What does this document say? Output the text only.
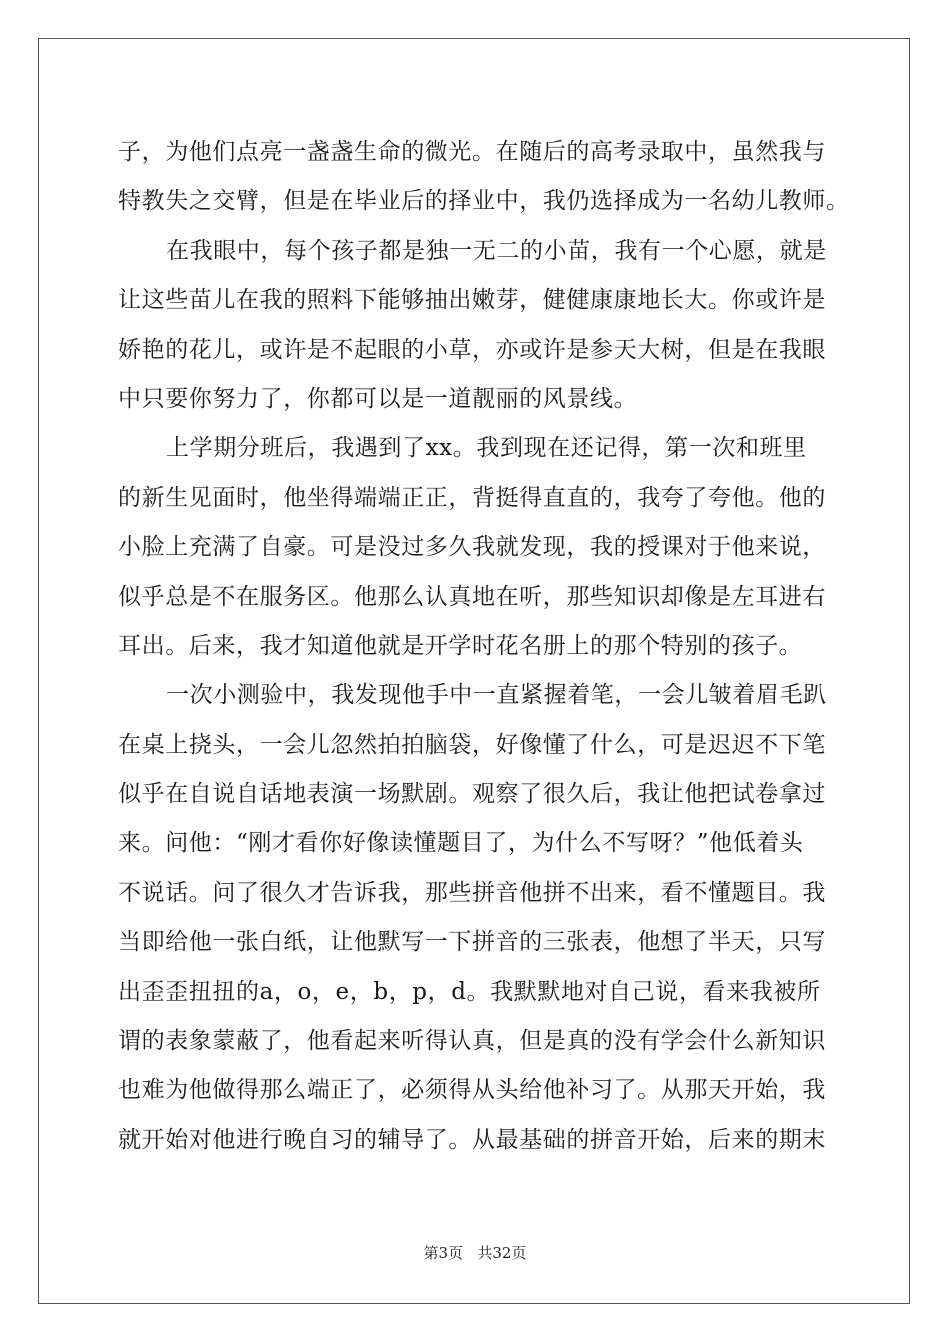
子，为他们点亮一盏盏生命的微光。在随后的高考录取中，虽然我与
特教失之交臂，但是在毕业后的择业中，我仍选择成为一名幼儿教师。
在我眼中，每个孩子都是独一无二的小苗，我有一个心愿，就是
让这些苗儿在我的照料下能够抽出嫩芽，健健康康地长大。你或许是
娇艳的花儿，或许是不起眼的小草，亦或许是参天大树，但是在我眼
中只要你努力了，你都可以是一道靓丽的风景线。
上学期分班后，我遇到了xx。我到现在还记得，第一次和班里
的新生见面时，他坐得端端正正，背挺得直直的，我夸了夸他。他的
小脸上充满了自豪。可是没过多久我就发现，我的授课对于他来说，
似乎总是不在服务区。他那么认真地在听，那些知识却像是左耳进右
耳出。后来，我才知道他就是开学时花名册上的那个特别的孩子。
一次小测验中，我发现他手中一直紧握着笔，一会儿皱着眉毛趴
在桌上挠头，一会儿忽然拍拍脑袋，好像懂了什么，可是迟迟不下笔
似乎在自说自话地表演一场默剧。观察了很久后，我让他把试卷拿过
来。问他：“刚才看你好像读懂题目了，为什么不写呀？”他低着头
不说话。问了很久才告诉我，那些拼音他拼不出来，看不懂题目。我
当即给他一张白纸，让他默写一下拼音的三张表，他想了半天，只写
出歪歪扭扭的a，o，e，b，p，d。我默默地对自己说，看来我被所
谓的表象蒙蔽了，他看起来听得认真，但是真的没有学会什么新知识
也难为他做得那么端正了，必须得从头给他补习了。从那天开始，我
就开始对他进行晚自习的辅导了。从最基础的拼音开始，后来的期末
第3页   共32页
